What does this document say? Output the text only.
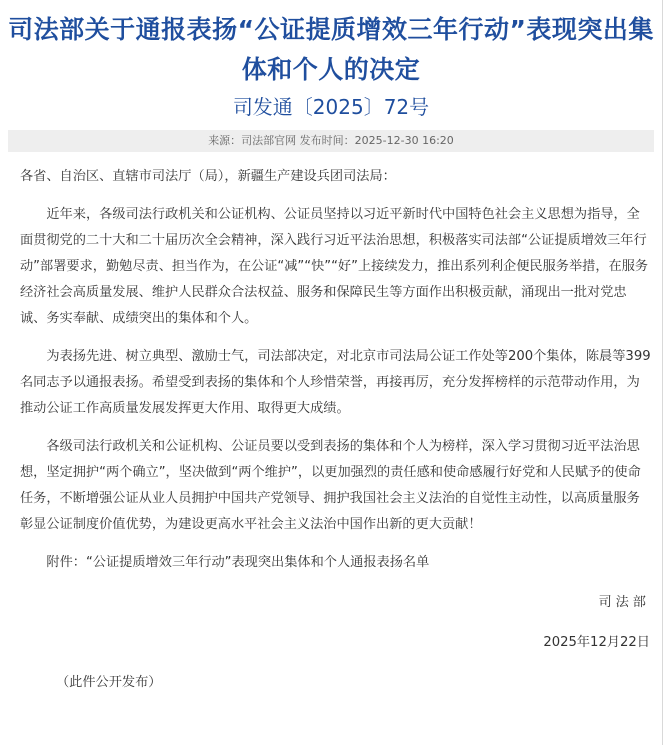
司法部关于通报表扬“公证提质增效三年行动”表现突出集体和个人的决定
司发通〔2025〕72号
来源：司法部官网 发布时间：2025-12-30 16:20

各省、自治区、直辖市司法厅（局），新疆生产建设兵团司法局：

近年来，各级司法行政机关和公证机构、公证员坚持以习近平新时代中国特色社会主义思想为指导，全面贯彻党的二十大和二十届历次全会精神，深入践行习近平法治思想，积极落实司法部“公证提质增效三年行动”部署要求，勤勉尽责、担当作为，在公证“减”“快”“好”上接续发力，推出系列利企便民服务举措，在服务经济社会高质量发展、维护人民群众合法权益、服务和保障民生等方面作出积极贡献，涌现出一批对党忠诚、务实奉献、成绩突出的集体和个人。

为表扬先进、树立典型、激励士气，司法部决定，对北京市司法局公证工作处等200个集体，陈晨等399名同志予以通报表扬。希望受到表扬的集体和个人珍惜荣誉，再接再厉，充分发挥榜样的示范带动作用，为推动公证工作高质量发展发挥更大作用、取得更大成绩。

各级司法行政机关和公证机构、公证员要以受到表扬的集体和个人为榜样，深入学习贯彻习近平法治思想，坚定拥护“两个确立”，坚决做到“两个维护”，以更加强烈的责任感和使命感履行好党和人民赋予的使命任务，不断增强公证从业人员拥护中国共产党领导、拥护我国社会主义法治的自觉性主动性，以高质量服务彰显公证制度价值优势，为建设更高水平社会主义法治中国作出新的更大贡献！

附件：“公证提质增效三年行动”表现突出集体和个人通报表扬名单

司法部

2025年12月22日

（此件公开发布）
